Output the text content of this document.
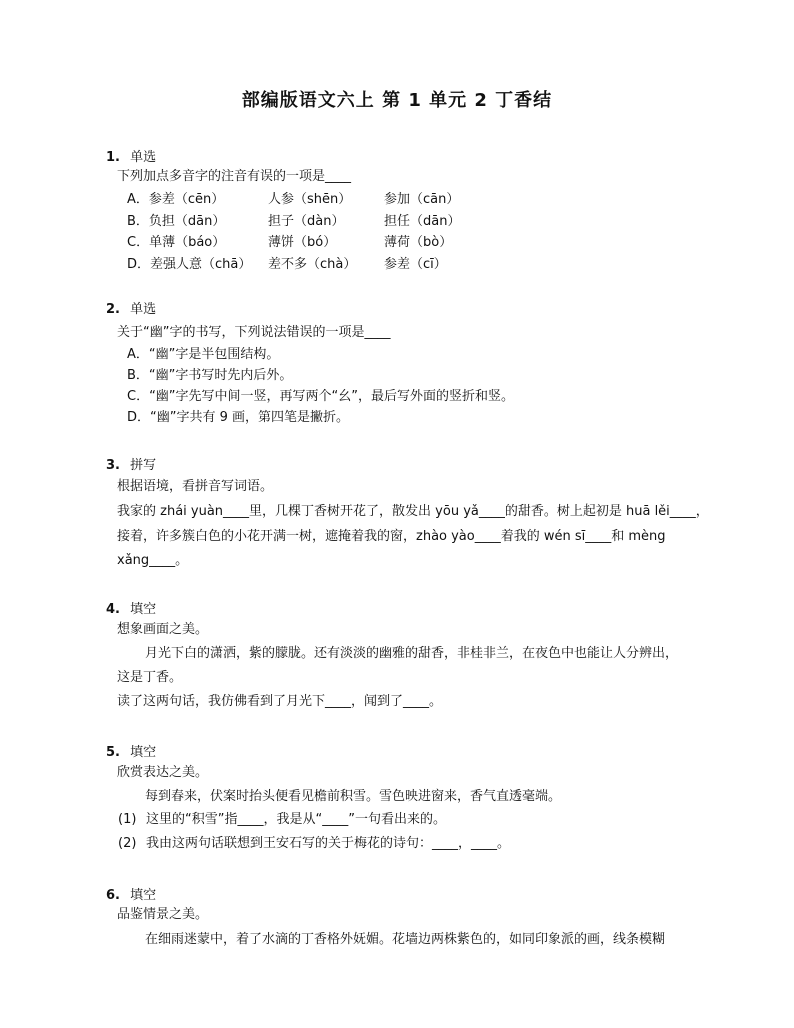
部编版语文六上 第 1 单元 2 丁香结
1. 单选
下列加点多音字的注音有误的一项是____
A．参差（cēn）	人参（shēn）	参加（cān）
B．负担（dān）	担子（dàn）	担任（dān）
C．单薄（báo）	薄饼（bó）	薄荷（bò）
D．差强人意（chā） 差不多（chà） 参差（cī）
2. 单选
关于“幽”字的书写，下列说法错误的一项是____
A．“幽”字是半包围结构。
B．“幽”字书写时先内后外。
C．“幽”字先写中间一竖，再写两个“幺”，最后写外面的竖折和竖。
D．“幽”字共有 9 画，第四笔是撇折。
3. 拼写
根据语境，看拼音写词语。
我家的 zhái yuàn____里，几棵丁香树开花了，散发出 yōu yǎ____的甜香。树上起初是 huā lěi____，
接着，许多簇白色的小花开满一树，遮掩着我的窗，zhào yào____着我的 wén sī____和 mèng
xǎng____。
4. 填空
想象画面之美。
月光下白的潇洒，紫的朦胧。还有淡淡的幽雅的甜香，非桂非兰，在夜色中也能让人分辨出，
这是丁香。
读了这两句话，我仿佛看到了月光下____，闻到了____。
5. 填空
欣赏表达之美。
每到春来，伏案时抬头便看见檐前积雪。雪色映进窗来，香气直透毫端。
(1) 这里的“积雪”指____，我是从“____”一句看出来的。
(2) 我由这两句话联想到王安石写的关于梅花的诗句：____，____。
6. 填空
品鉴情景之美。
在细雨迷蒙中，着了水滴的丁香格外妩媚。花墙边两株紫色的，如同印象派的画，线条模糊
